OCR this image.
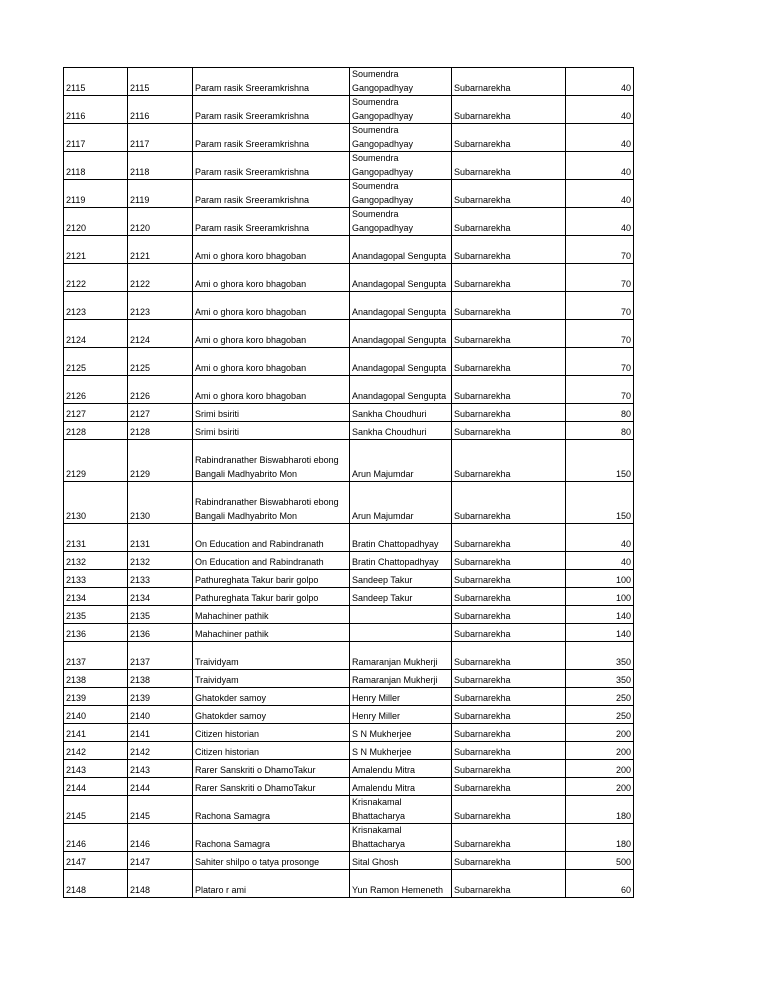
2115	2115	Param rasik Sreeramkrishna	Soumendra Gangopadhyay	Subarnarekha	40
2116	2116	Param rasik Sreeramkrishna	Soumendra Gangopadhyay	Subarnarekha	40
2117	2117	Param rasik Sreeramkrishna	Soumendra Gangopadhyay	Subarnarekha	40
2118	2118	Param rasik Sreeramkrishna	Soumendra Gangopadhyay	Subarnarekha	40
2119	2119	Param rasik Sreeramkrishna	Soumendra Gangopadhyay	Subarnarekha	40
2120	2120	Param rasik Sreeramkrishna	Soumendra Gangopadhyay	Subarnarekha	40
2121	2121	Ami o ghora koro bhagoban	Anandagopal Sengupta	Subarnarekha	70
2122	2122	Ami o ghora koro bhagoban	Anandagopal Sengupta	Subarnarekha	70
2123	2123	Ami o ghora koro bhagoban	Anandagopal Sengupta	Subarnarekha	70
2124	2124	Ami o ghora koro bhagoban	Anandagopal Sengupta	Subarnarekha	70
2125	2125	Ami o ghora koro bhagoban	Anandagopal Sengupta	Subarnarekha	70
2126	2126	Ami o ghora koro bhagoban	Anandagopal Sengupta	Subarnarekha	70
2127	2127	Srimi bsiriti	Sankha Choudhuri	Subarnarekha	80
2128	2128	Srimi bsiriti	Sankha Choudhuri	Subarnarekha	80
2129	2129	Rabindranather Biswabharoti ebong Bangali Madhyabrito Mon	Arun Majumdar	Subarnarekha	150
2130	2130	Rabindranather Biswabharoti ebong Bangali Madhyabrito Mon	Arun Majumdar	Subarnarekha	150
2131	2131	On Education and Rabindranath	Bratin Chattopadhyay	Subarnarekha	40
2132	2132	On Education and Rabindranath	Bratin Chattopadhyay	Subarnarekha	40
2133	2133	Pathureghata Takur barir golpo	Sandeep Takur	Subarnarekha	100
2134	2134	Pathureghata Takur barir golpo	Sandeep Takur	Subarnarekha	100
2135	2135	Mahachiner pathik		Subarnarekha	140
2136	2136	Mahachiner pathik		Subarnarekha	140
2137	2137	Traividyam	Ramaranjan Mukherji	Subarnarekha	350
2138	2138	Traividyam	Ramaranjan Mukherji	Subarnarekha	350
2139	2139	Ghatokder samoy	Henry Miller	Subarnarekha	250
2140	2140	Ghatokder samoy	Henry Miller	Subarnarekha	250
2141	2141	Citizen historian	S N Mukherjee	Subarnarekha	200
2142	2142	Citizen historian	S N Mukherjee	Subarnarekha	200
2143	2143	Rarer Sanskriti o DhamoTakur	Amalendu Mitra	Subarnarekha	200
2144	2144	Rarer Sanskriti o DhamoTakur	Amalendu Mitra	Subarnarekha	200
2145	2145	Rachona Samagra	Krisnakamal Bhattacharya	Subarnarekha	180
2146	2146	Rachona Samagra	Krisnakamal Bhattacharya	Subarnarekha	180
2147	2147	Sahiter shilpo o tatya prosonge	Sital Ghosh	Subarnarekha	500
2148	2148	Plataro r ami	Yun Ramon Hemeneth	Subarnarekha	60
